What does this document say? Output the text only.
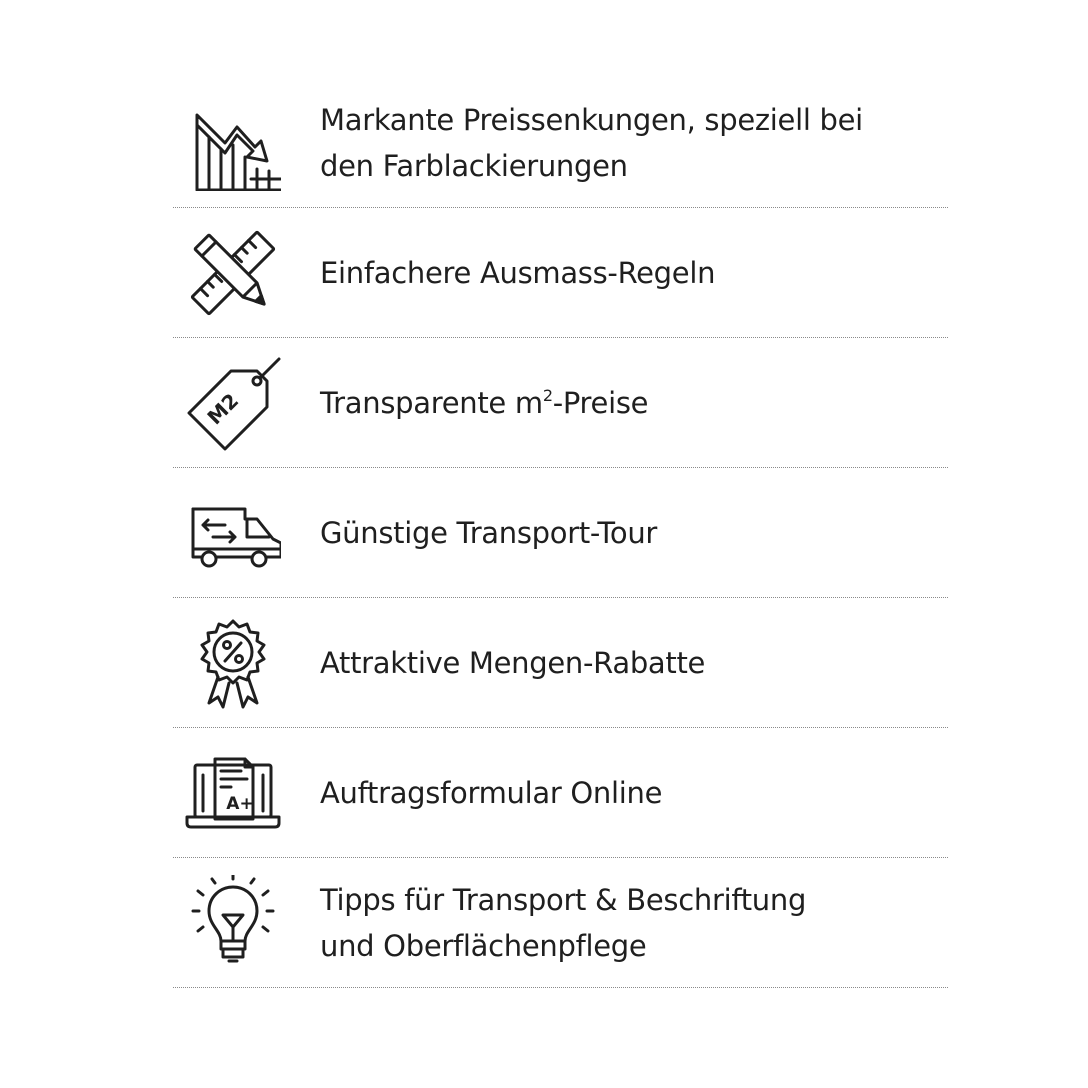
Markante Preissenkungen, speziell bei
den Farblackierungen
Einfachere Ausmass-Regeln
M2	Transparente $m^2$-Preise
Günstige Transport-Tour
Attraktive Mengen-Rabatte
A+ Auftragsformular Online
Tipps für Transport & Beschriftung
und Oberflächenpflege
